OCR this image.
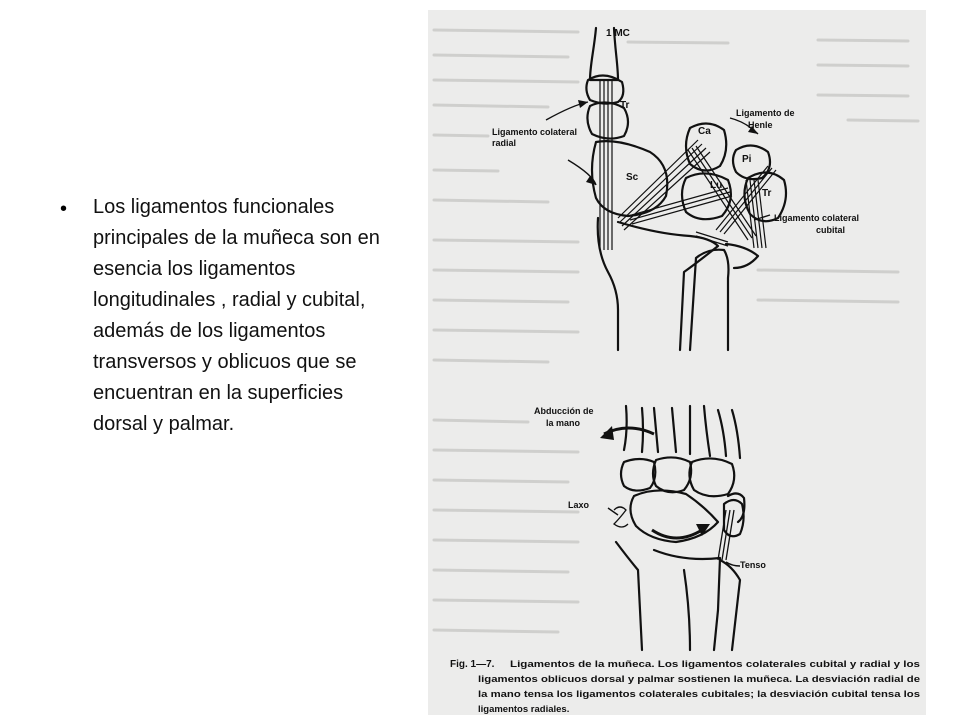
• Los ligamentos funcionales principales de la muñeca son en esencia los ligamentos longitudinales , radial y cubital, además de los ligamentos transversos y oblicuos que se encuentran en la superficies dorsal y palmar.
1 MC
Tr
Ligamento colateral
radial
Ligamento de
Henle
Ca
Pi
Sc
Lu
Tr
Ligamento colateral
cubital
Abducción de
la mano
Laxo
Tenso
Fig. 1—7. Ligamentos de la muñeca. Los ligamentos colaterales cubital y radial y los
ligamentos oblicuos dorsal y palmar sostienen la muñeca. La desviación radial de
la mano tensa los ligamentos colaterales cubitales; la desviación cubital tensa los
ligamentos radiales.
